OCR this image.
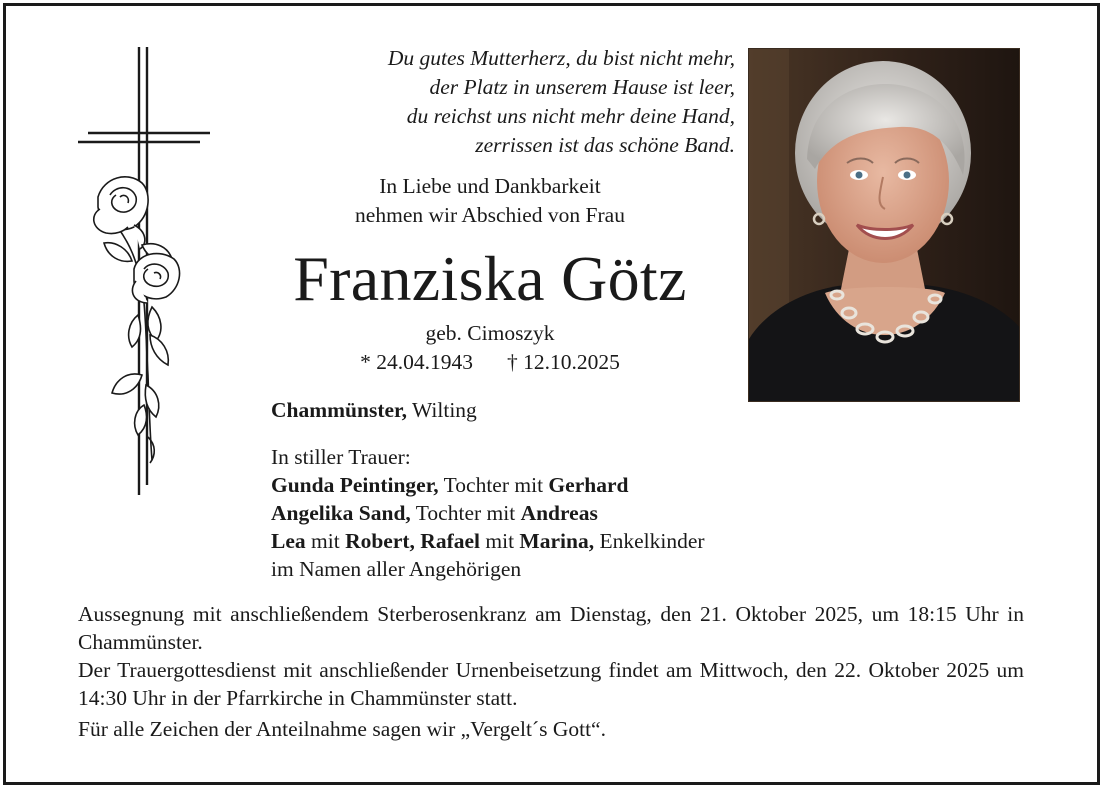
Du gutes Mutterherz, du bist nicht mehr,
der Platz in unserem Hause ist leer,
du reichst uns nicht mehr deine Hand,
zerrissen ist das schöne Band.
In Liebe und Dankbarkeit
nehmen wir Abschied von Frau
Franziska Götz
geb. Cimoszyk
* 24.04.1943 † 12.10.2025
Chammünster, Wilting
In stiller Trauer:
Gunda Peintinger, Tochter mit Gerhard
Angelika Sand, Tochter mit Andreas
Lea mit Robert, Rafael mit Marina, Enkelkinder
im Namen aller Angehörigen

Aussegnung mit anschließendem Sterberosenkranz am Dienstag, den 21. Oktober 2025, um 18:15 Uhr in Chammünster.

Der Trauergottesdienst mit anschließender Urnenbeisetzung findet am Mittwoch, den 22. Oktober 2025 um 14:30 Uhr in der Pfarrkirche in Chammünster statt.

Für alle Zeichen der Anteilnahme sagen wir „Vergelt´s Gott“.
